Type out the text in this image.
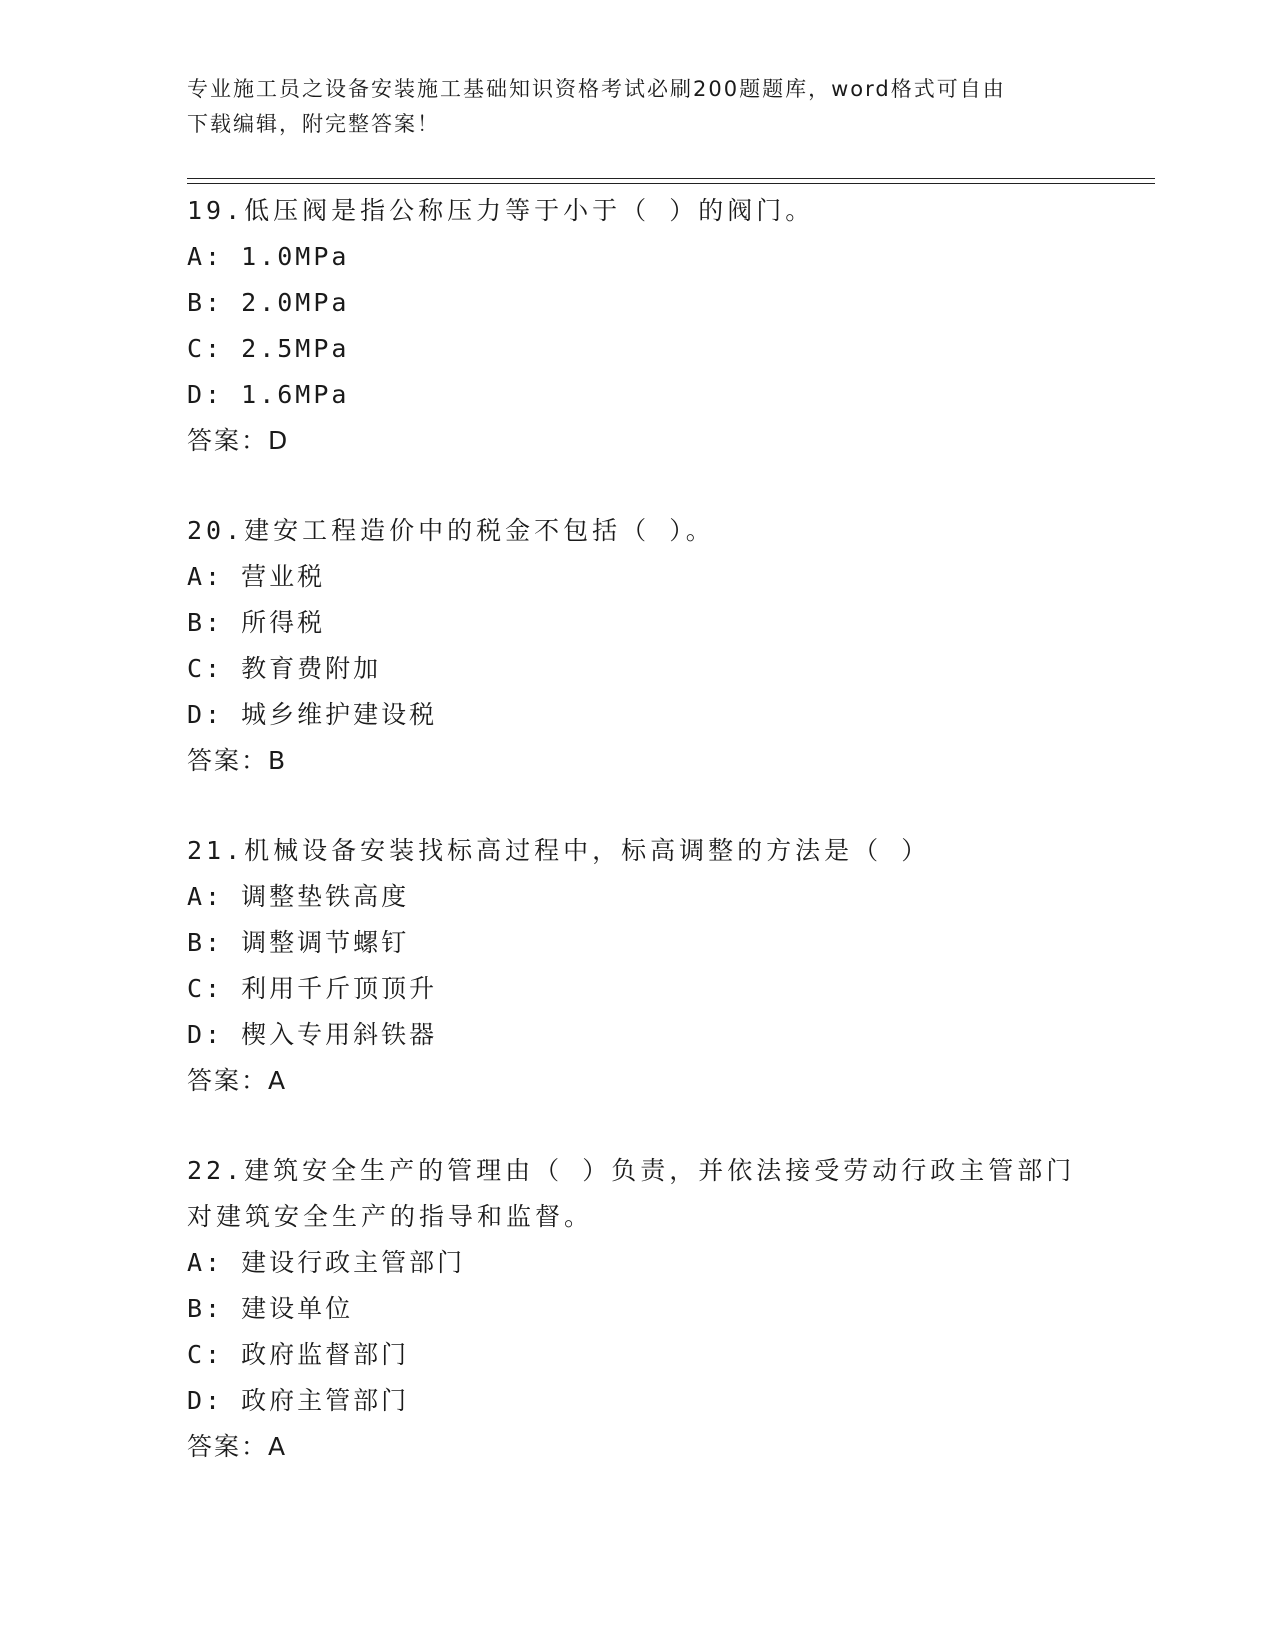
专业施工员之设备安装施工基础知识资格考试必刷200题题库，word格式可自由
下载编辑，附完整答案！
19.低压阀是指公称压力等于小于（ ）的阀门。
A: 1.0MPa
B: 2.0MPa
C: 2.5MPa
D: 1.6MPa
答案：D
20.建安工程造价中的税金不包括（ ）。
A: 营业税
B: 所得税
C: 教育费附加
D: 城乡维护建设税
答案：B
21.机械设备安装找标高过程中，标高调整的方法是（ ）
A: 调整垫铁高度
B: 调整调节螺钉
C: 利用千斤顶顶升
D: 楔入专用斜铁器
答案：A
22.建筑安全生产的管理由（ ）负责，并依法接受劳动行政主管部门
对建筑安全生产的指导和监督。
A: 建设行政主管部门
B: 建设单位
C: 政府监督部门
D: 政府主管部门
答案：A
